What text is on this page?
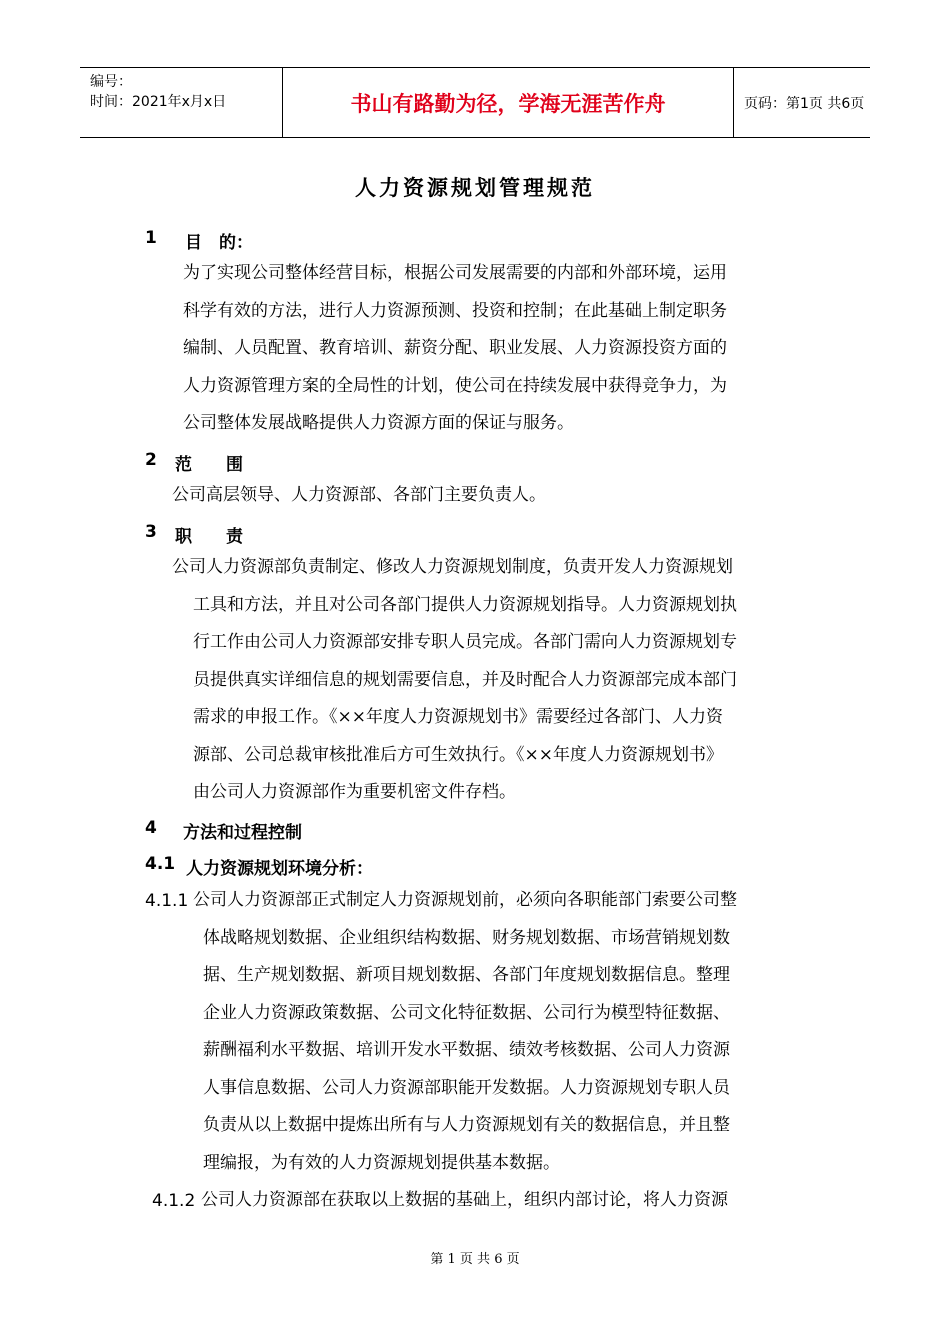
编号：
时间：2021年x月x日	书山有路勤为径，学海无涯苦作舟	页码：第1页 共6页
人力资源规划管理规范
1 目　的：
为了实现公司整体经营目标，根据公司发展需要的内部和外部环境，运用
科学有效的方法，进行人力资源预测、投资和控制；在此基础上制定职务
编制、人员配置、教育培训、薪资分配、职业发展、人力资源投资方面的
人力资源管理方案的全局性的计划，使公司在持续发展中获得竞争力，为
公司整体发展战略提供人力资源方面的保证与服务。
2 范　　围
公司高层领导、人力资源部、各部门主要负责人。
3 职　　责
公司人力资源部负责制定、修改人力资源规划制度，负责开发人力资源规划
工具和方法，并且对公司各部门提供人力资源规划指导。人力资源规划执
行工作由公司人力资源部安排专职人员完成。各部门需向人力资源规划专
员提供真实详细信息的规划需要信息，并及时配合人力资源部完成本部门
需求的申报工作。《××年度人力资源规划书》需要经过各部门、人力资
源部、公司总裁审核批准后方可生效执行。《××年度人力资源规划书》
由公司人力资源部作为重要机密文件存档。
4 方法和过程控制
4.1 人力资源规划环境分析：
4.1.1 公司人力资源部正式制定人力资源规划前，必须向各职能部门索要公司整
体战略规划数据、企业组织结构数据、财务规划数据、市场营销规划数
据、生产规划数据、新项目规划数据、各部门年度规划数据信息。整理
企业人力资源政策数据、公司文化特征数据、公司行为模型特征数据、
薪酬福利水平数据、培训开发水平数据、绩效考核数据、公司人力资源
人事信息数据、公司人力资源部职能开发数据。人力资源规划专职人员
负责从以上数据中提炼出所有与人力资源规划有关的数据信息，并且整
理编报，为有效的人力资源规划提供基本数据。
4.1.2 公司人力资源部在获取以上数据的基础上，组织内部讨论，将人力资源
第 1 页 共 6 页
